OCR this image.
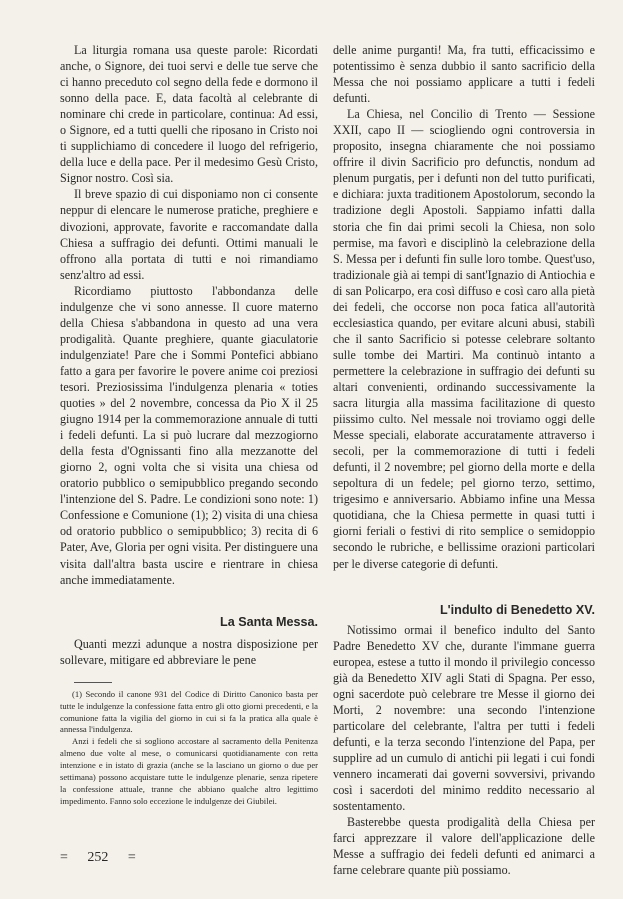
La liturgia romana usa queste parole: Ricordati anche, o Signore, dei tuoi servi e delle tue serve che ci hanno preceduto col segno della fede e dormono il sonno della pace. E, data facoltà al celebrante di nominare chi crede in particolare, continua: Ad essi, o Signore, ed a tutti quelli che riposano in Cristo noi ti supplichiamo di concedere il luogo del refrigerio, della luce e della pace. Per il medesimo Gesù Cristo, Signor nostro. Così sia.

Il breve spazio di cui disponiamo non ci consente neppur di elencare le numerose pratiche, preghiere e divozioni, approvate, favorite e raccomandate dalla Chiesa a suffragio dei defunti. Ottimi manuali le offrono alla portata di tutti e noi rimandiamo senz'altro ad essi.

Ricordiamo piuttosto l'abbondanza delle indulgenze che vi sono annesse. Il cuore materno della Chiesa s'abbandona in questo ad una vera prodigalità. Quante preghiere, quante giaculatorie indulgenziate! Pare che i Sommi Pontefici abbiano fatto a gara per favorire le povere anime coi preziosi tesori. Preziosissima l'indulgenza plenaria « toties quoties » del 2 novembre, concessa da Pio X il 25 giugno 1914 per la commemorazione annuale di tutti i fedeli defunti. La si può lucrare dal mezzogiorno della festa d'Ognissanti fino alla mezzanotte del giorno 2, ogni volta che si visita una chiesa od oratorio pubblico o semipubblico pregando secondo l'intenzione del S. Padre. Le condizioni sono note: 1) Confessione e Comunione (1); 2) visita di una chiesa od oratorio pubblico o semipubblico; 3) recita di 6 Pater, Ave, Gloria per ogni visita. Per distinguere una visita dall'altra basta uscire e rientrare in chiesa anche immediatamente.

La Santa Messa.

Quanti mezzi adunque a nostra disposizione per sollevare, mitigare ed abbreviare le pene

(1) Secondo il canone 931 del Codice di Diritto Canonico basta per tutte le indulgenze la confessione fatta entro gli otto giorni precedenti, e la comunione fatta la vigilia del giorno in cui si fa la pratica alla quale è annessa l'indulgenza.

Anzi i fedeli che si sogliono accostare al sacramento della Penitenza almeno due volte al mese, o comunicarsi quotidianamente con retta intenzione e in istato di grazia (anche se la lasciano un giorno o due per settimana) possono acquistare tutte le indulgenze plenarie, senza ripetere la confessione attuale, tranne che abbiano qualche altro legittimo impedimento. Fanno solo eccezione le indulgenze dei Giubilei.

delle anime purganti! Ma, fra tutti, efficacissimo e potentissimo è senza dubbio il santo sacrificio della Messa che noi possiamo applicare a tutti i fedeli defunti.

La Chiesa, nel Concilio di Trento — Sessione XXII, capo II — sciogliendo ogni controversia in proposito, insegna chiaramente che noi possiamo offrire il divin Sacrificio pro defunctis, nondum ad plenum purgatis, per i defunti non del tutto purificati, e dichiara: juxta traditionem Apostolorum, secondo la tradizione degli Apostoli. Sappiamo infatti dalla storia che fin dai primi secoli la Chiesa, non solo permise, ma favorì e disciplinò la celebrazione della S. Messa per i defunti fin sulle loro tombe. Quest'uso, tradizionale già ai tempi di sant'Ignazio di Antiochia e di san Policarpo, era così diffuso e così caro alla pietà dei fedeli, che occorse non poca fatica all'autorità ecclesiastica quando, per evitare alcuni abusi, stabilì che il santo Sacrificio si potesse celebrare soltanto sulle tombe dei Martiri. Ma continuò intanto a permettere la celebrazione in suffragio dei defunti su altari convenienti, ordinando successivamente la sacra liturgia alla massima facilitazione di questo piissimo culto. Nel messale noi troviamo oggi delle Messe speciali, elaborate accuratamente attraverso i secoli, per la commemorazione di tutti i fedeli defunti, il 2 novembre; pel giorno della morte e della sepoltura di un fedele; pel giorno terzo, settimo, trigesimo e anniversario. Abbiamo infine una Messa quotidiana, che la Chiesa permette in quasi tutti i giorni feriali o festivi di rito semplice o semidoppio secondo le rubriche, e bellissime orazioni particolari per le diverse categorie di defunti.

L'indulto di Benedetto XV.

Notissimo ormai il benefico indulto del Santo Padre Benedetto XV che, durante l'immane guerra europea, estese a tutto il mondo il privilegio concesso già da Benedetto XIV agli Stati di Spagna. Per esso, ogni sacerdote può celebrare tre Messe il giorno dei Morti, 2 novembre: una secondo l'intenzione particolare del celebrante, l'altra per tutti i fedeli defunti, e la terza secondo l'intenzione del Papa, per supplire ad un cumulo di antichi pii legati i cui fondi vennero incamerati dai governi sovversivi, privando così i sacerdoti del minimo reddito necessario al sostentamento.

Basterebbe questa prodigalità della Chiesa per farci apprezzare il valore dell'applicazione delle Messe a suffragio dei fedeli defunti ed animarci a farne celebrare quante più possiamo.

= 252 =
